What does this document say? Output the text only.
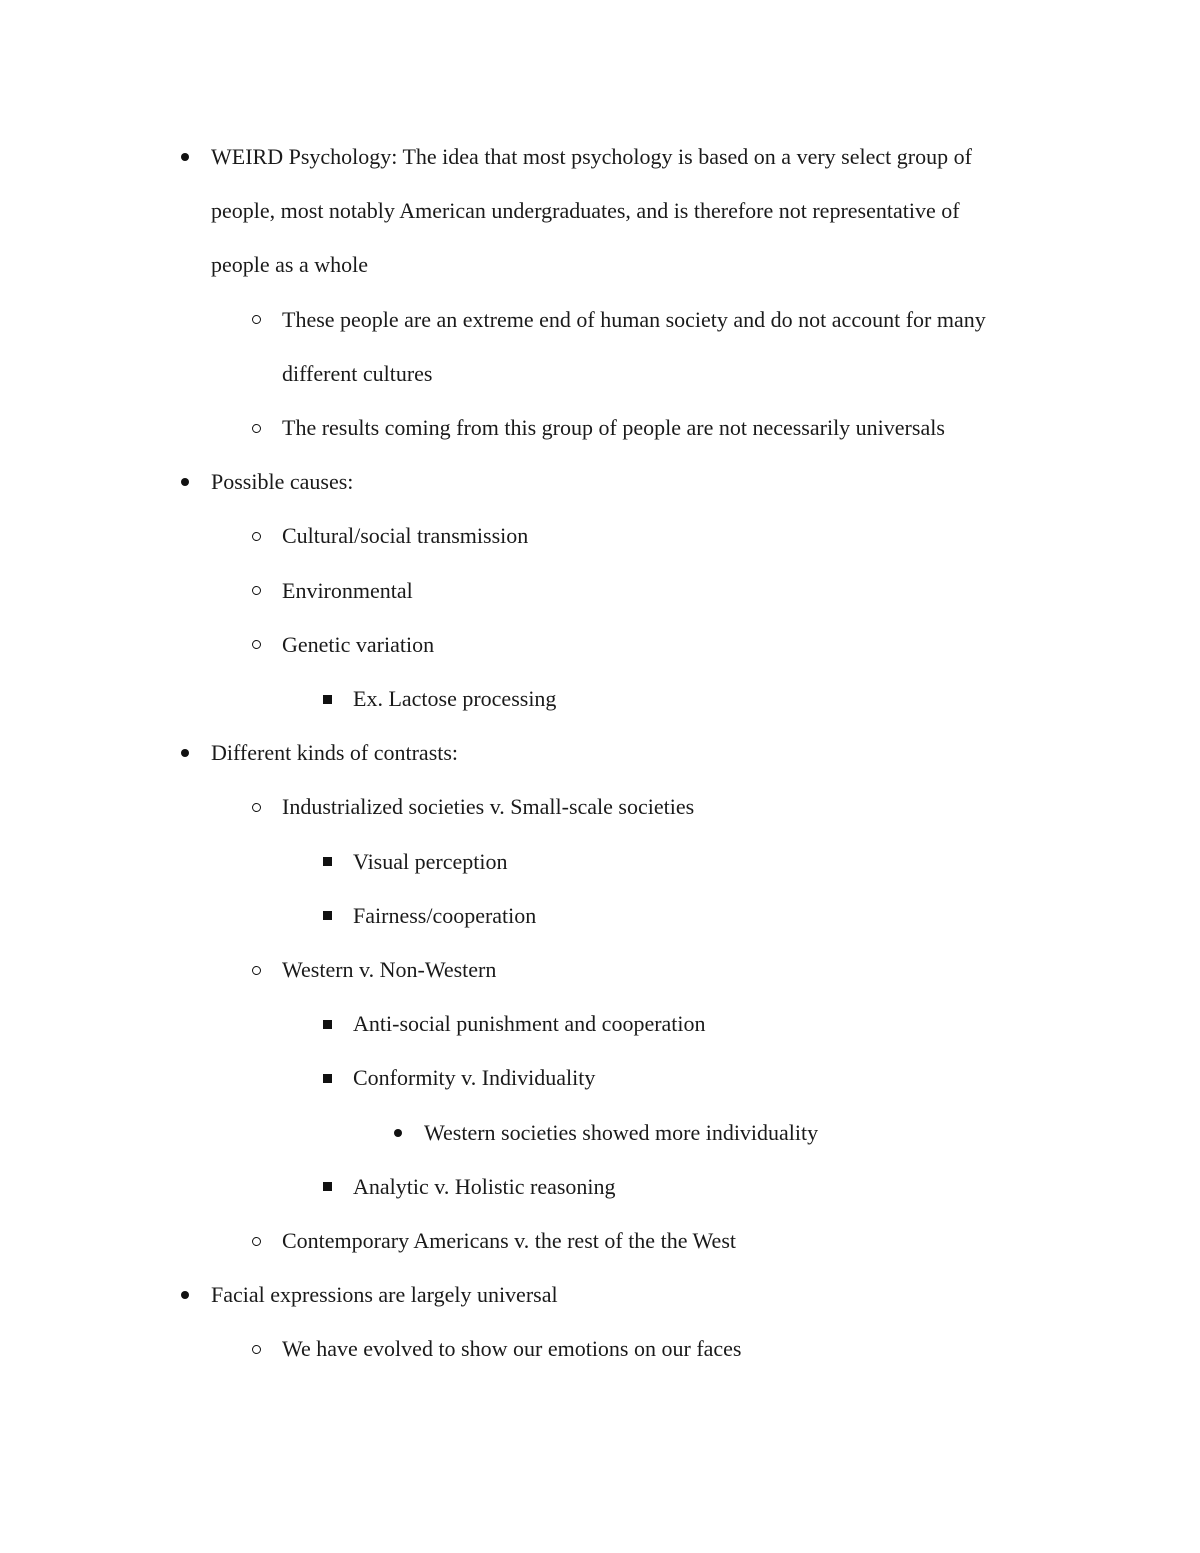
WEIRD Psychology: The idea that most psychology is based on a very select group of
people, most notably American undergraduates, and is therefore not representative of
people as a whole
These people are an extreme end of human society and do not account for many
different cultures
The results coming from this group of people are not necessarily universals
Possible causes:
Cultural/social transmission
Environmental
Genetic variation
Ex. Lactose processing
Different kinds of contrasts:
Industrialized societies v. Small-scale societies
Visual perception
Fairness/cooperation
Western v. Non-Western
Anti-social punishment and cooperation
Conformity v. Individuality
Western societies showed more individuality
Analytic v. Holistic reasoning
Contemporary Americans v. the rest of the the West
Facial expressions are largely universal
We have evolved to show our emotions on our faces
